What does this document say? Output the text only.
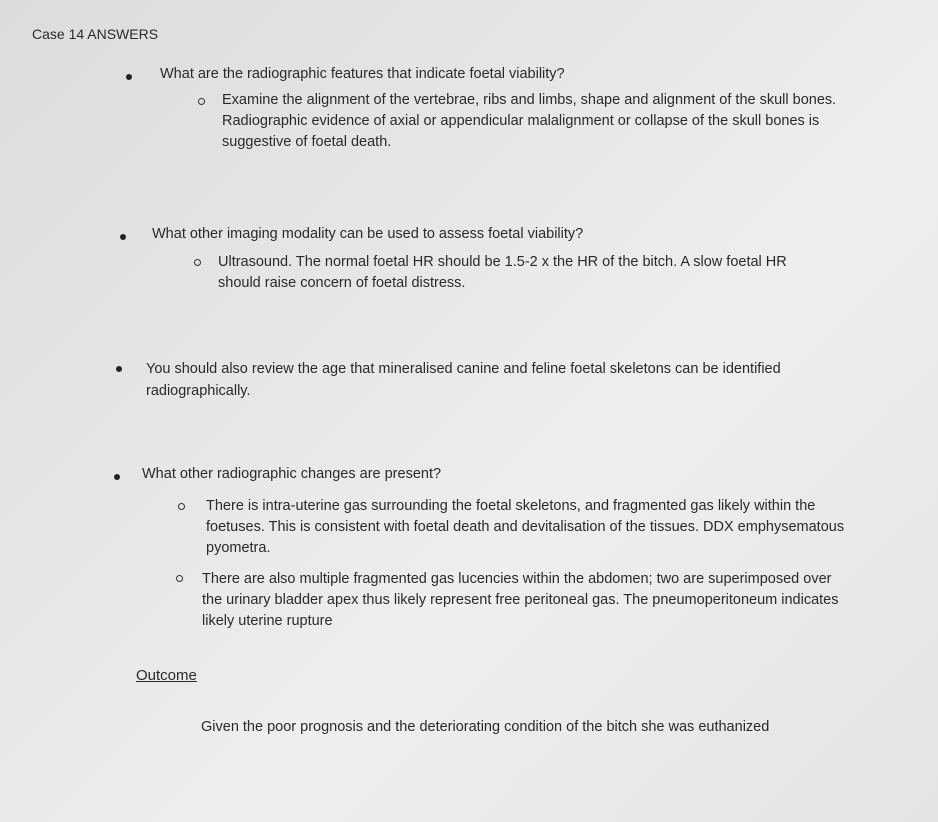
Case 14 ANSWERS
What are the radiographic features that indicate foetal viability?
Examine the alignment of the vertebrae, ribs and limbs, shape and alignment of the skull bones. Radiographic evidence of axial or appendicular malalignment or collapse of the skull bones is suggestive of foetal death.
What other imaging modality can be used to assess foetal viability?
Ultrasound. The normal foetal HR should be 1.5-2 x the HR of the bitch. A slow foetal HR should raise concern of foetal distress.
You should also review the age that mineralised canine and feline foetal skeletons can be identified radiographically.
What other radiographic changes are present?
There is intra-uterine gas surrounding the foetal skeletons, and fragmented gas likely within the foetuses. This is consistent with foetal death and devitalisation of the tissues. DDX emphysematous pyometra.
There are also multiple fragmented gas lucencies within the abdomen; two are superimposed over the urinary bladder apex thus likely represent free peritoneal gas. The pneumoperitoneum indicates likely uterine rupture
Outcome
Given the poor prognosis and the deteriorating condition of the bitch she was euthanized
